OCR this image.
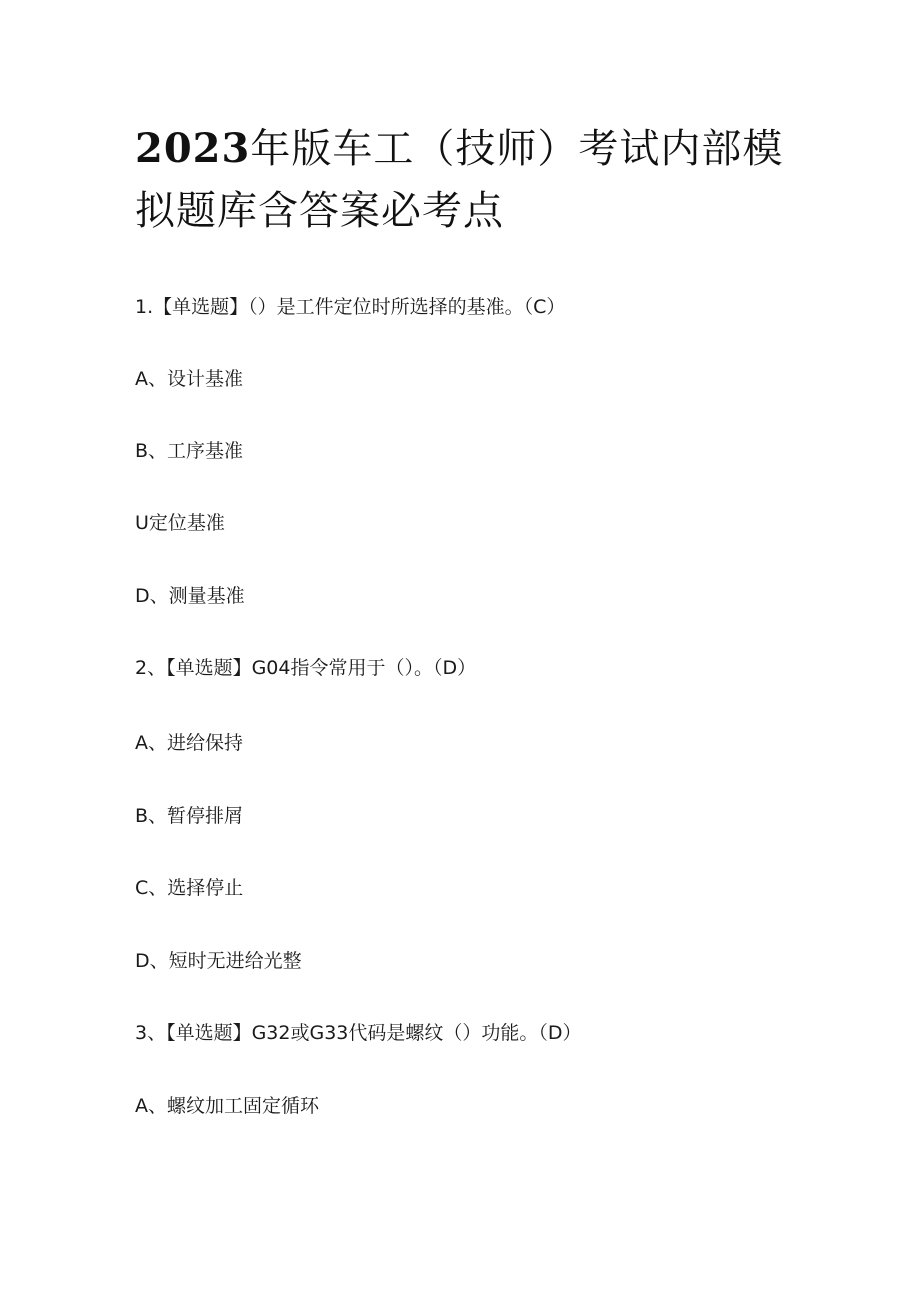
2023年版车工（技师）考试内部模
拟题库含答案必考点

1.【单选题】（）是工件定位时所选择的基准。（C）

A、设计基准

B、工序基准

U定位基准

D、测量基准

2、【单选题】G04指令常用于（）。（D）

A、进给保持

B、暂停排屑

C、选择停止

D、短时无进给光整

3、【单选题】G32或G33代码是螺纹（）功能。（D）

A、螺纹加工固定循环
